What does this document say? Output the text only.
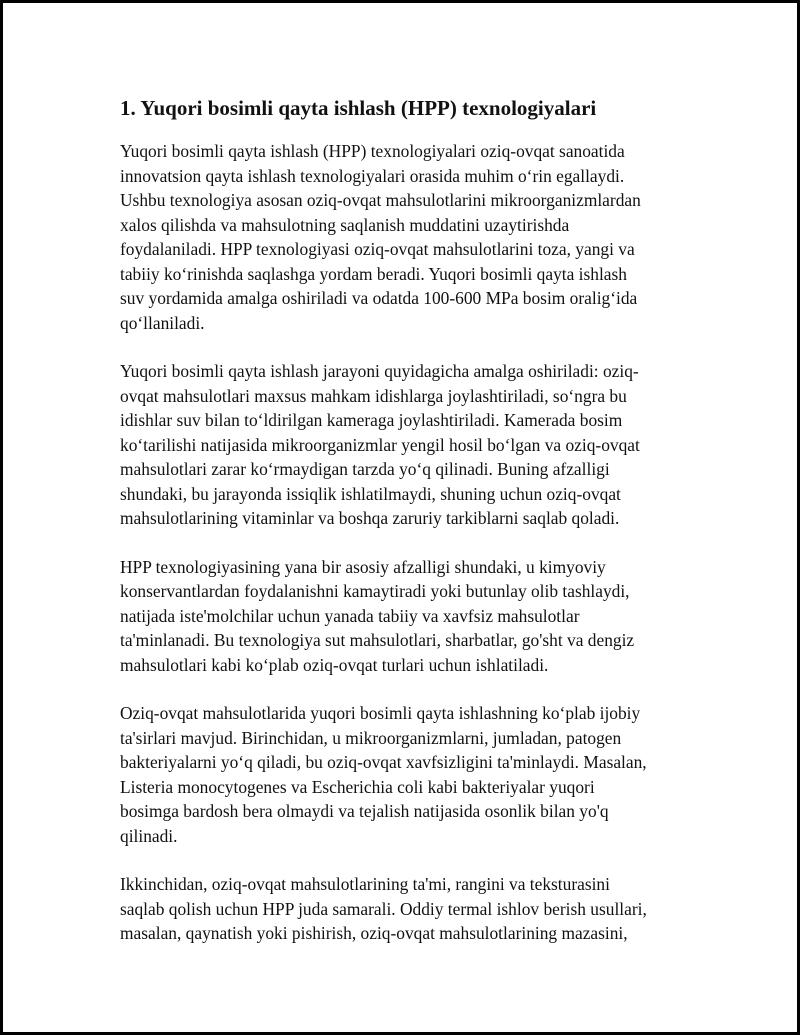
1. Yuqori bosimli qayta ishlash (HPP) texnologiyalari
Yuqori bosimli qayta ishlash (HPP) texnologiyalari oziq-ovqat sanoatida
innovatsion qayta ishlash texnologiyalari orasida muhim o‘rin egallaydi.
Ushbu texnologiya asosan oziq-ovqat mahsulotlarini mikroorganizmlardan
xalos qilishda va mahsulotning saqlanish muddatini uzaytirishda
foydalaniladi. HPP texnologiyasi oziq-ovqat mahsulotlarini toza, yangi va
tabiiy ko‘rinishda saqlashga yordam beradi. Yuqori bosimli qayta ishlash
suv yordamida amalga oshiriladi va odatda 100-600 MPa bosim oralig‘ida
qo‘llaniladi.
Yuqori bosimli qayta ishlash jarayoni quyidagicha amalga oshiriladi: oziq-
ovqat mahsulotlari maxsus mahkam idishlarga joylashtiriladi, so‘ngra bu
idishlar suv bilan to‘ldirilgan kameraga joylashtiriladi. Kamerada bosim
ko‘tarilishi natijasida mikroorganizmlar yengil hosil bo‘lgan va oziq-ovqat
mahsulotlari zarar ko‘rmaydigan tarzda yo‘q qilinadi. Buning afzalligi
shundaki, bu jarayonda issiqlik ishlatilmaydi, shuning uchun oziq-ovqat
mahsulotlarining vitaminlar va boshqa zaruriy tarkiblarni saqlab qoladi.
HPP texnologiyasining yana bir asosiy afzalligi shundaki, u kimyoviy
konservantlardan foydalanishni kamaytiradi yoki butunlay olib tashlaydi,
natijada iste'molchilar uchun yanada tabiiy va xavfsiz mahsulotlar
ta'minlanadi. Bu texnologiya sut mahsulotlari, sharbatlar, go'sht va dengiz
mahsulotlari kabi ko‘plab oziq-ovqat turlari uchun ishlatiladi.
Oziq-ovqat mahsulotlarida yuqori bosimli qayta ishlashning ko‘plab ijobiy
ta'sirlari mavjud. Birinchidan, u mikroorganizmlarni, jumladan, patogen
bakteriyalarni yo‘q qiladi, bu oziq-ovqat xavfsizligini ta'minlaydi. Masalan,
Listeria monocytogenes va Escherichia coli kabi bakteriyalar yuqori
bosimga bardosh bera olmaydi va tejalish natijasida osonlik bilan yo'q
qilinadi.
Ikkinchidan, oziq-ovqat mahsulotlarining ta'mi, rangini va teksturasini
saqlab qolish uchun HPP juda samarali. Oddiy termal ishlov berish usullari,
masalan, qaynatish yoki pishirish, oziq-ovqat mahsulotlarining mazasini,
